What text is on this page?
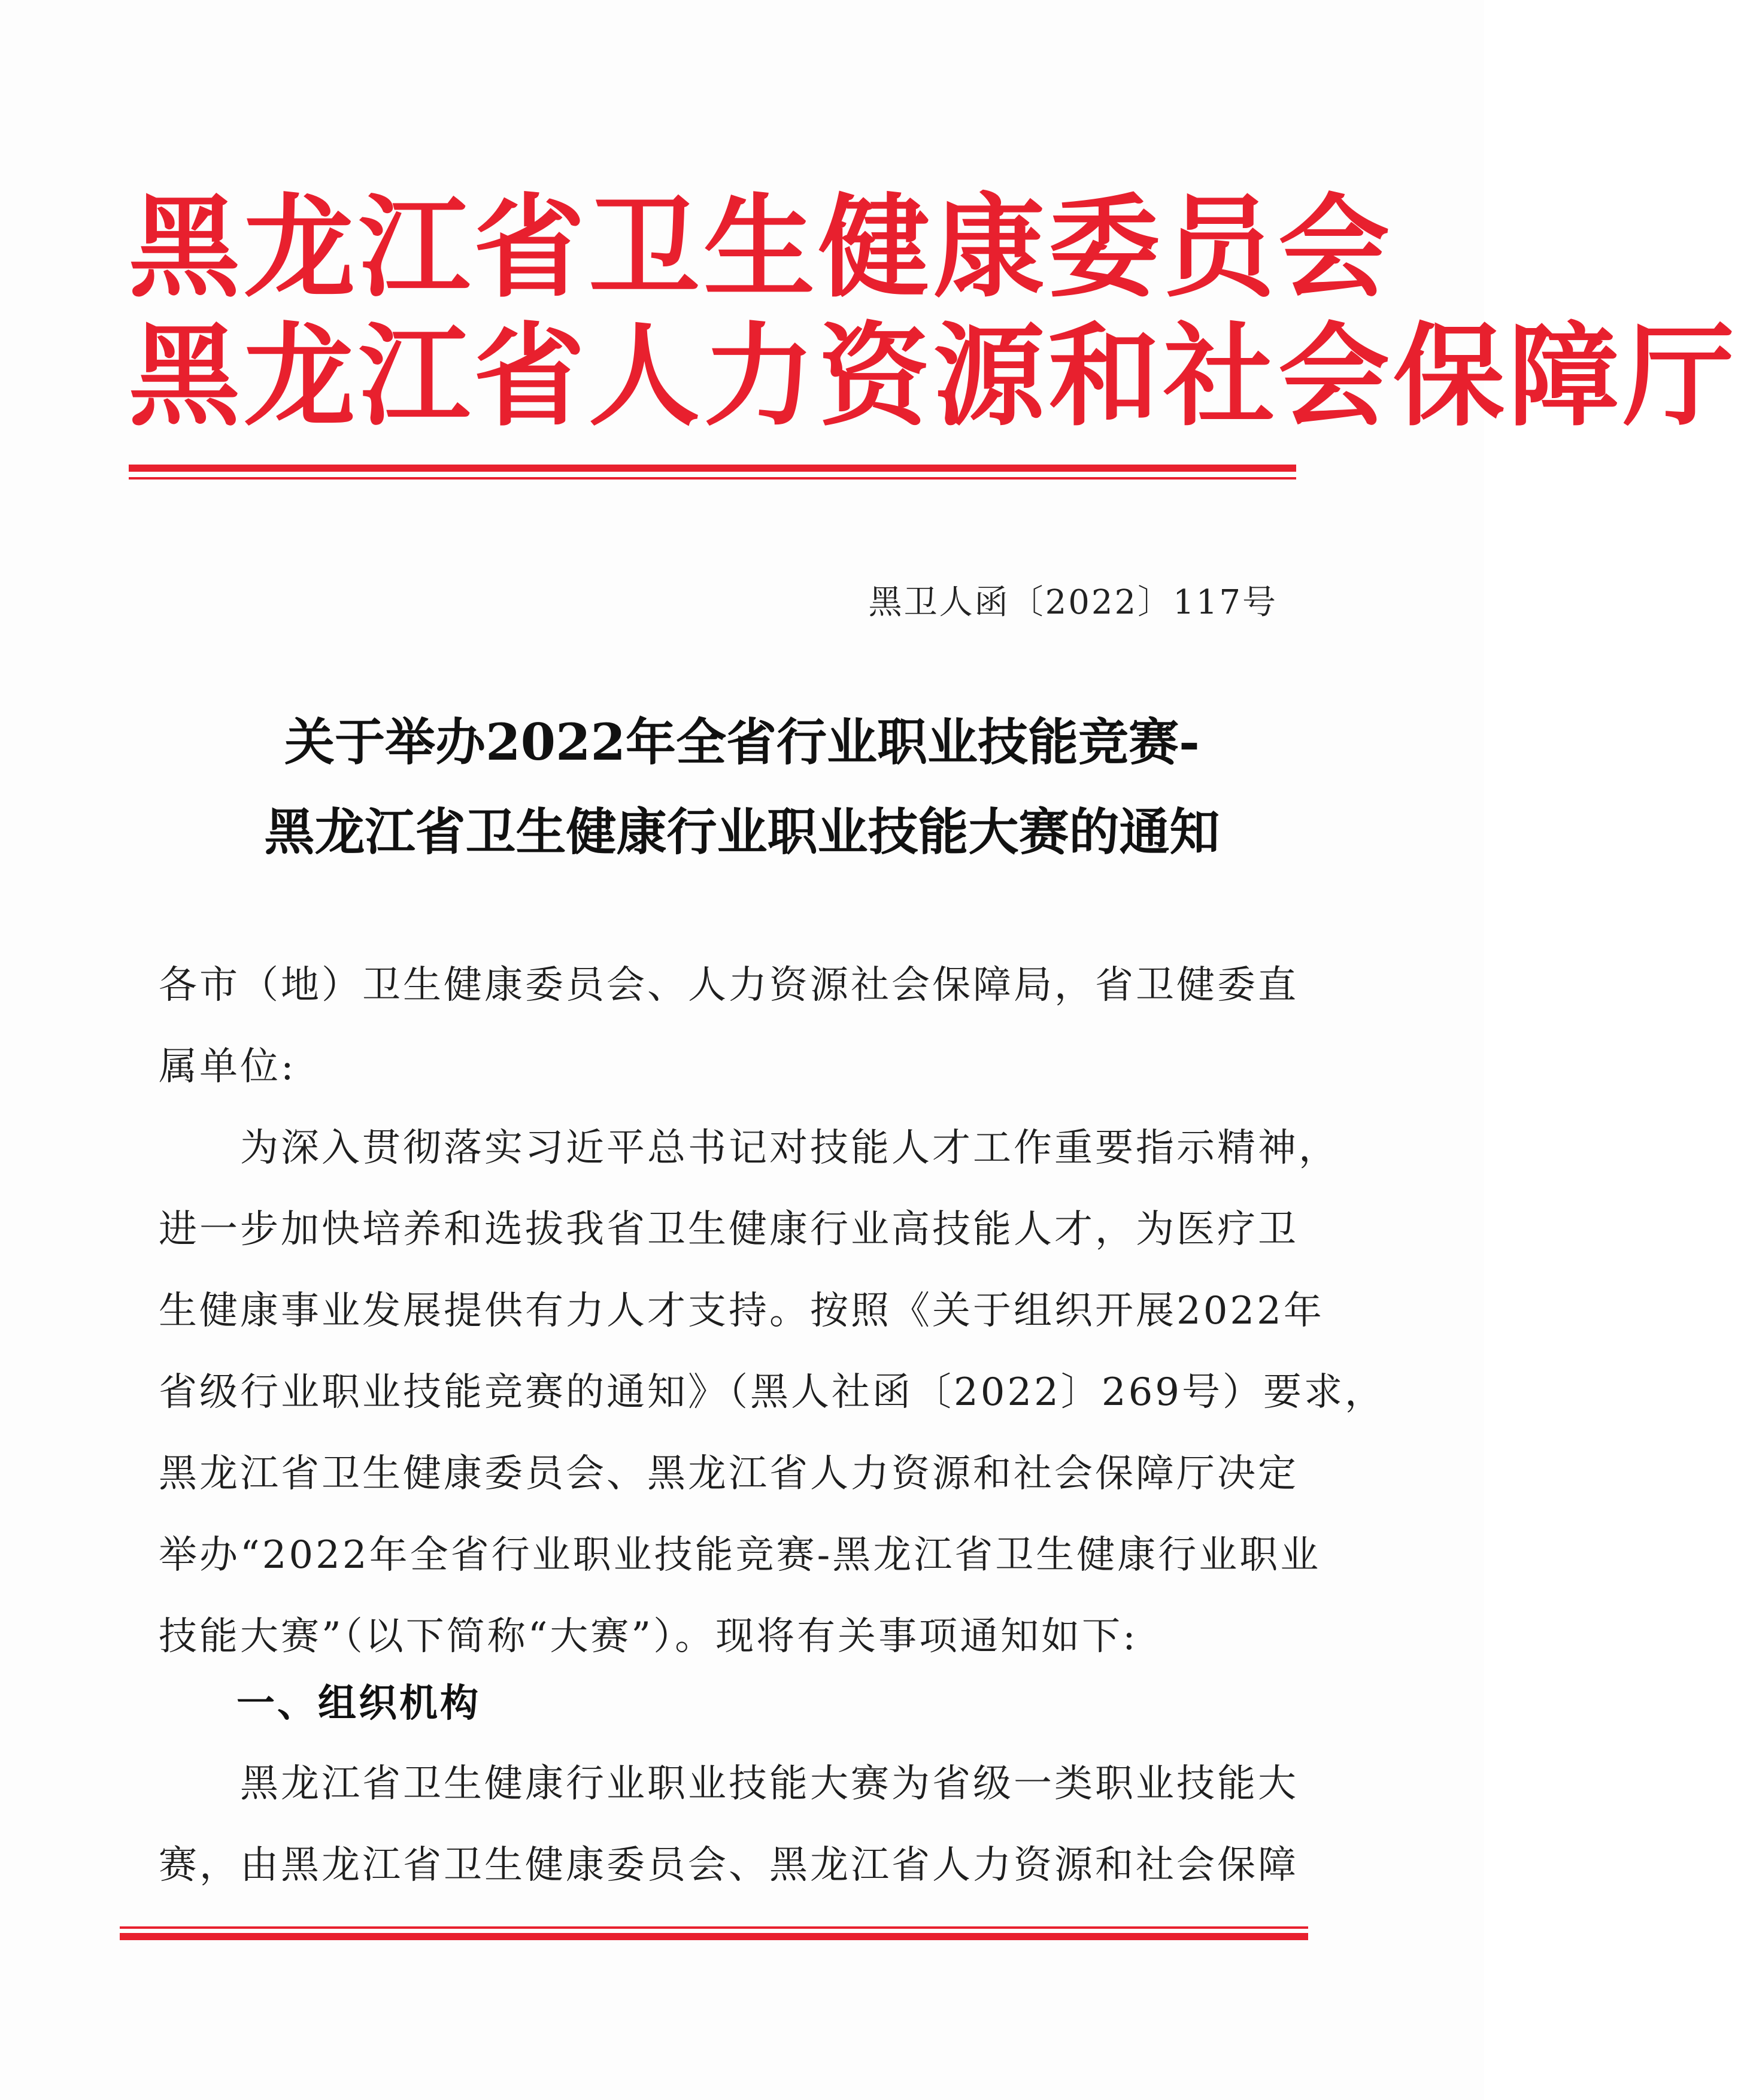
黑龙江省卫生健康委员会
黑龙江省人力资源和社会保障厅
黑卫人函〔2022〕117号
关于举办2022年全省行业职业技能竞赛-
黑龙江省卫生健康行业职业技能大赛的通知
各市（地）卫生健康委员会、人力资源社会保障局，省卫健委直
属单位:
　　为深入贯彻落实习近平总书记对技能人才工作重要指示精神，
进一步加快培养和选拔我省卫生健康行业高技能人才，为医疗卫
生健康事业发展提供有力人才支持。按照《关于组织开展2022年
省级行业职业技能竞赛的通知》（黑人社函〔2022〕269号）要求，
黑龙江省卫生健康委员会、黑龙江省人力资源和社会保障厅决定
举办“2022年全省行业职业技能竞赛-黑龙江省卫生健康行业职业
技能大赛”（以下简称“大赛”）。现将有关事项通知如下:
一、组织机构
　　黑龙江省卫生健康行业职业技能大赛为省级一类职业技能大
赛，由黑龙江省卫生健康委员会、黑龙江省人力资源和社会保障
